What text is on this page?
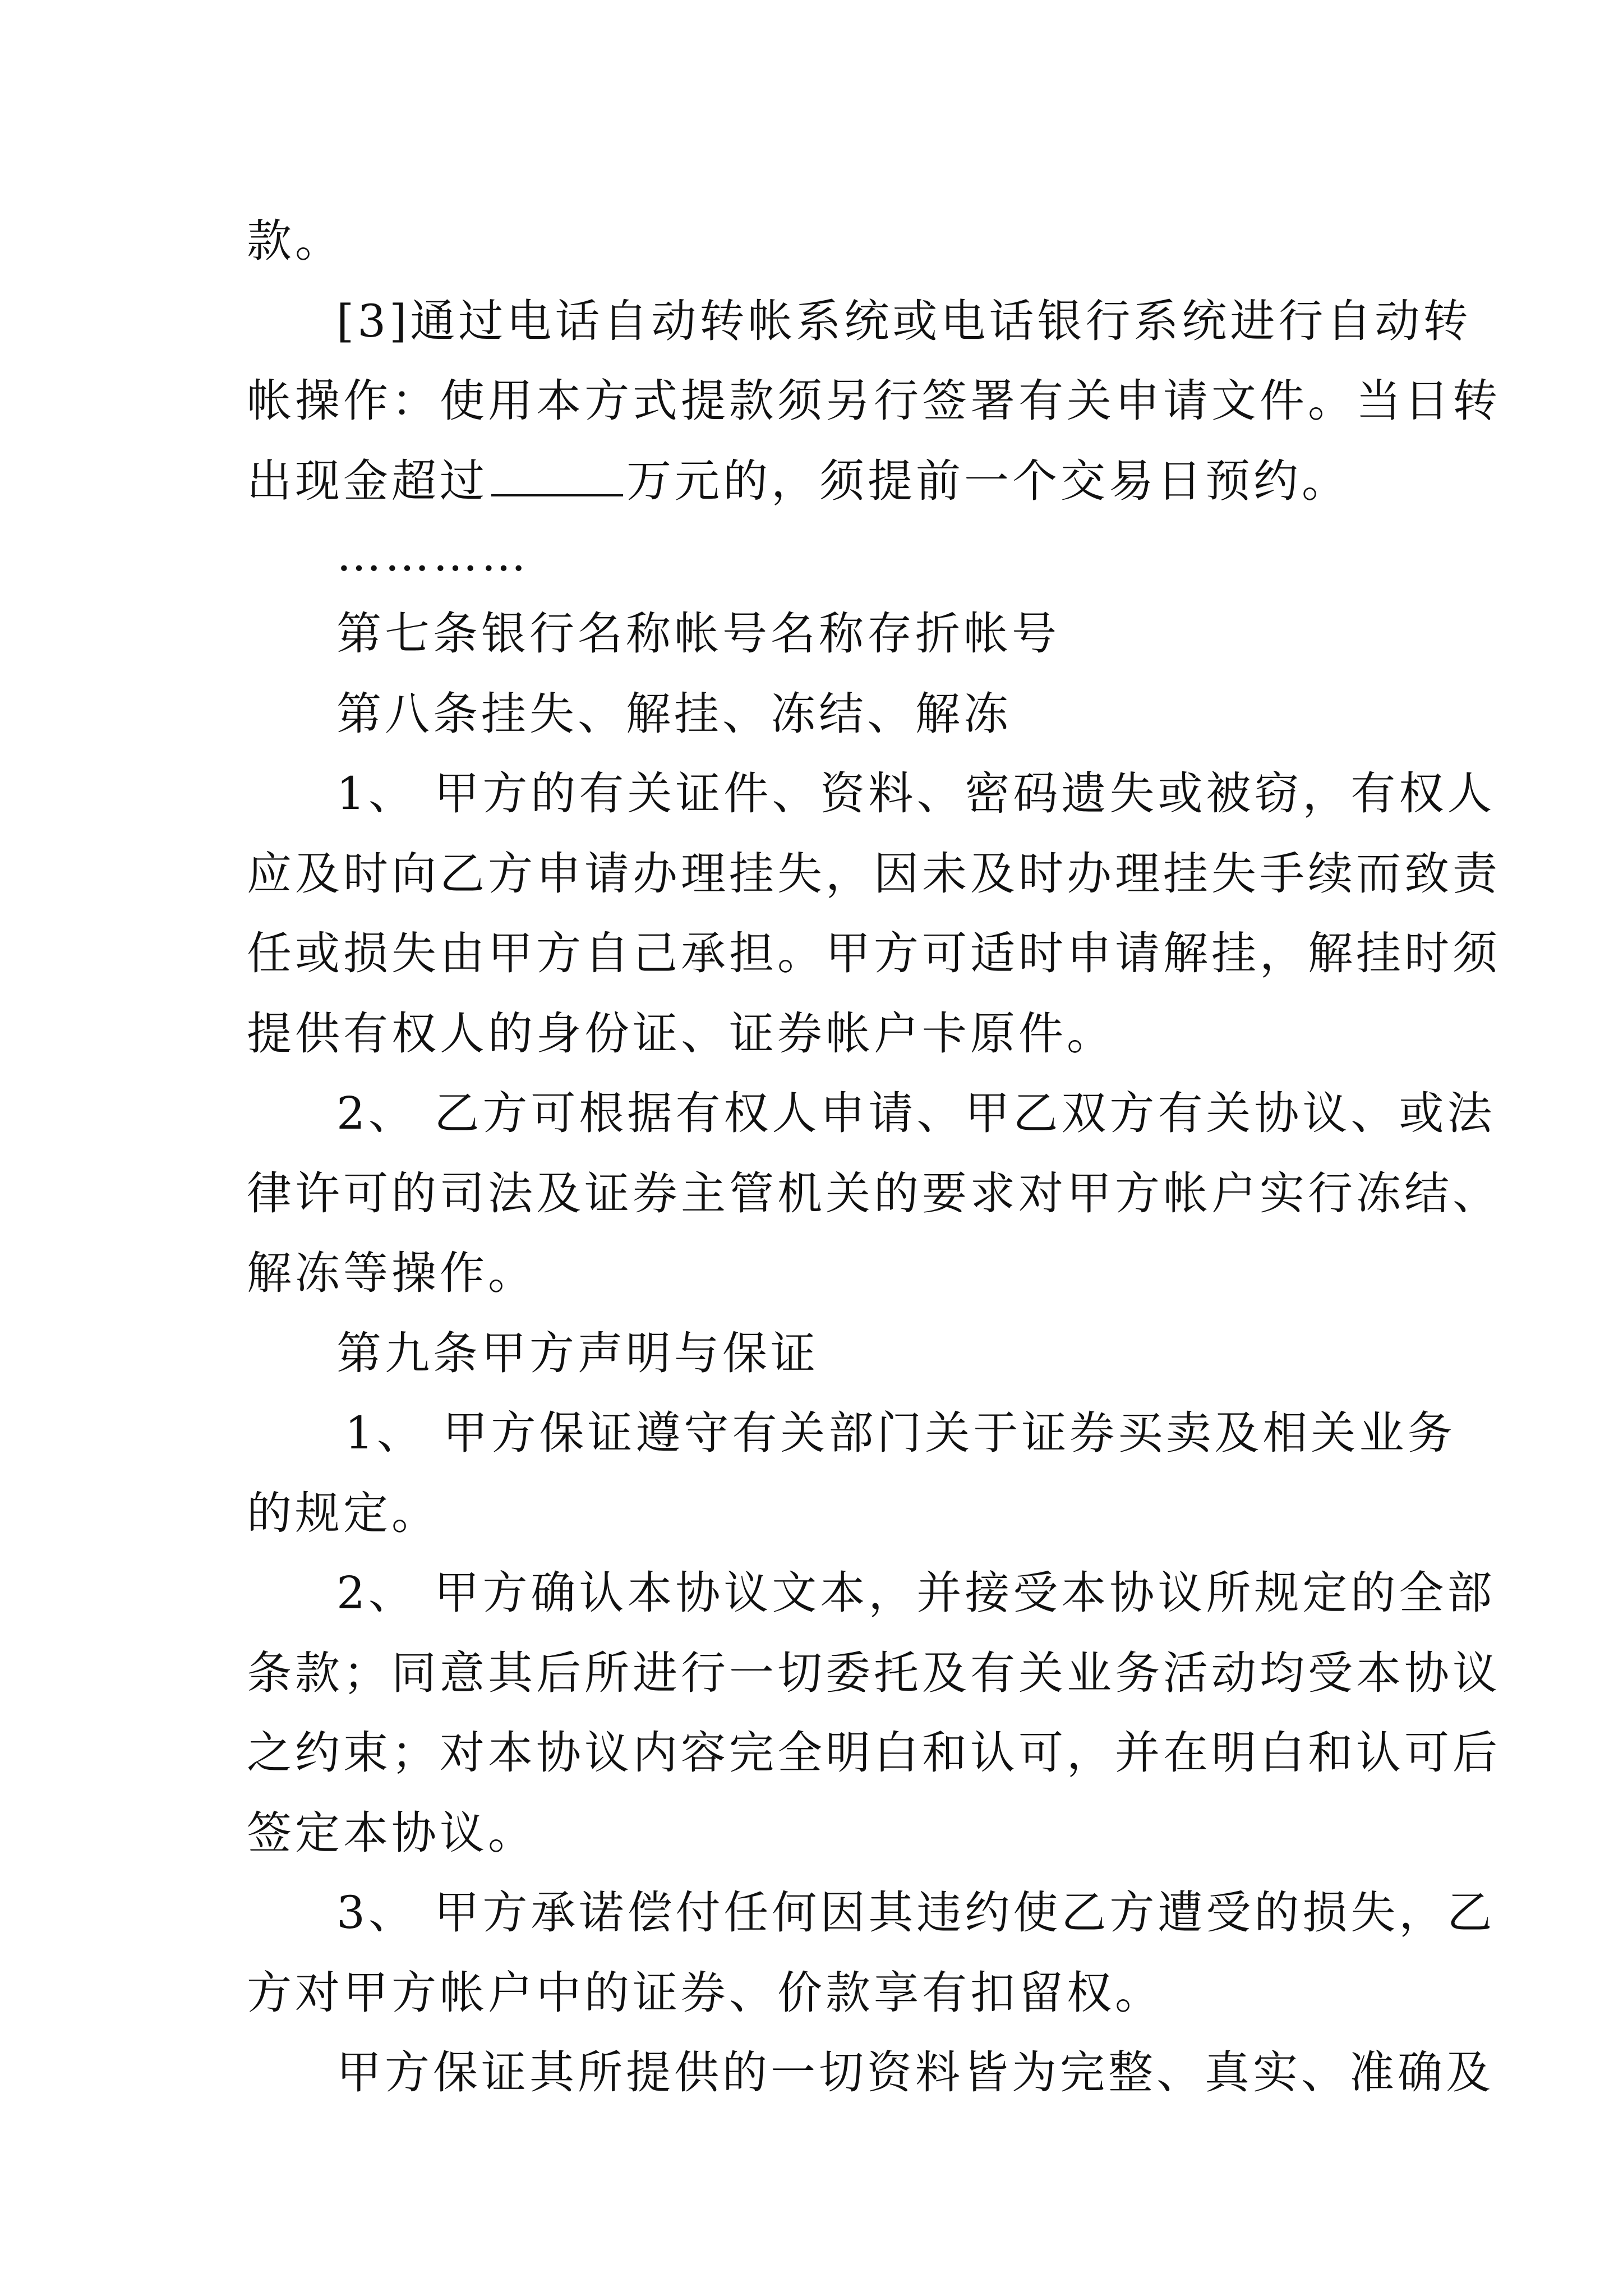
款。
[3]通过电话自动转帐系统或电话银行系统进行自动转
帐操作：使用本方式提款须另行签署有关申请文件。当日转
出现金超过	万元的，须提前一个交易日预约。
…………
第七条银行名称帐号名称存折帐号
第八条挂失、解挂、冻结、解冻
1、 甲方的有关证件、资料、密码遗失或被窃，有权人
应及时向乙方申请办理挂失，因未及时办理挂失手续而致责
任或损失由甲方自己承担。甲方可适时申请解挂，解挂时须
提供有权人的身份证、证券帐户卡原件。
2、 乙方可根据有权人申请、甲乙双方有关协议、或法
律许可的司法及证券主管机关的要求对甲方帐户实行冻结、
解冻等操作。
第九条甲方声明与保证
1、 甲方保证遵守有关部门关于证券买卖及相关业务
的规定。
2、 甲方确认本协议文本，并接受本协议所规定的全部
条款；同意其后所进行一切委托及有关业务活动均受本协议
之约束；对本协议内容完全明白和认可，并在明白和认可后
签定本协议。
3、 甲方承诺偿付任何因其违约使乙方遭受的损失，乙
方对甲方帐户中的证券、价款享有扣留权。
甲方保证其所提供的一切资料皆为完整、真实、准确及
